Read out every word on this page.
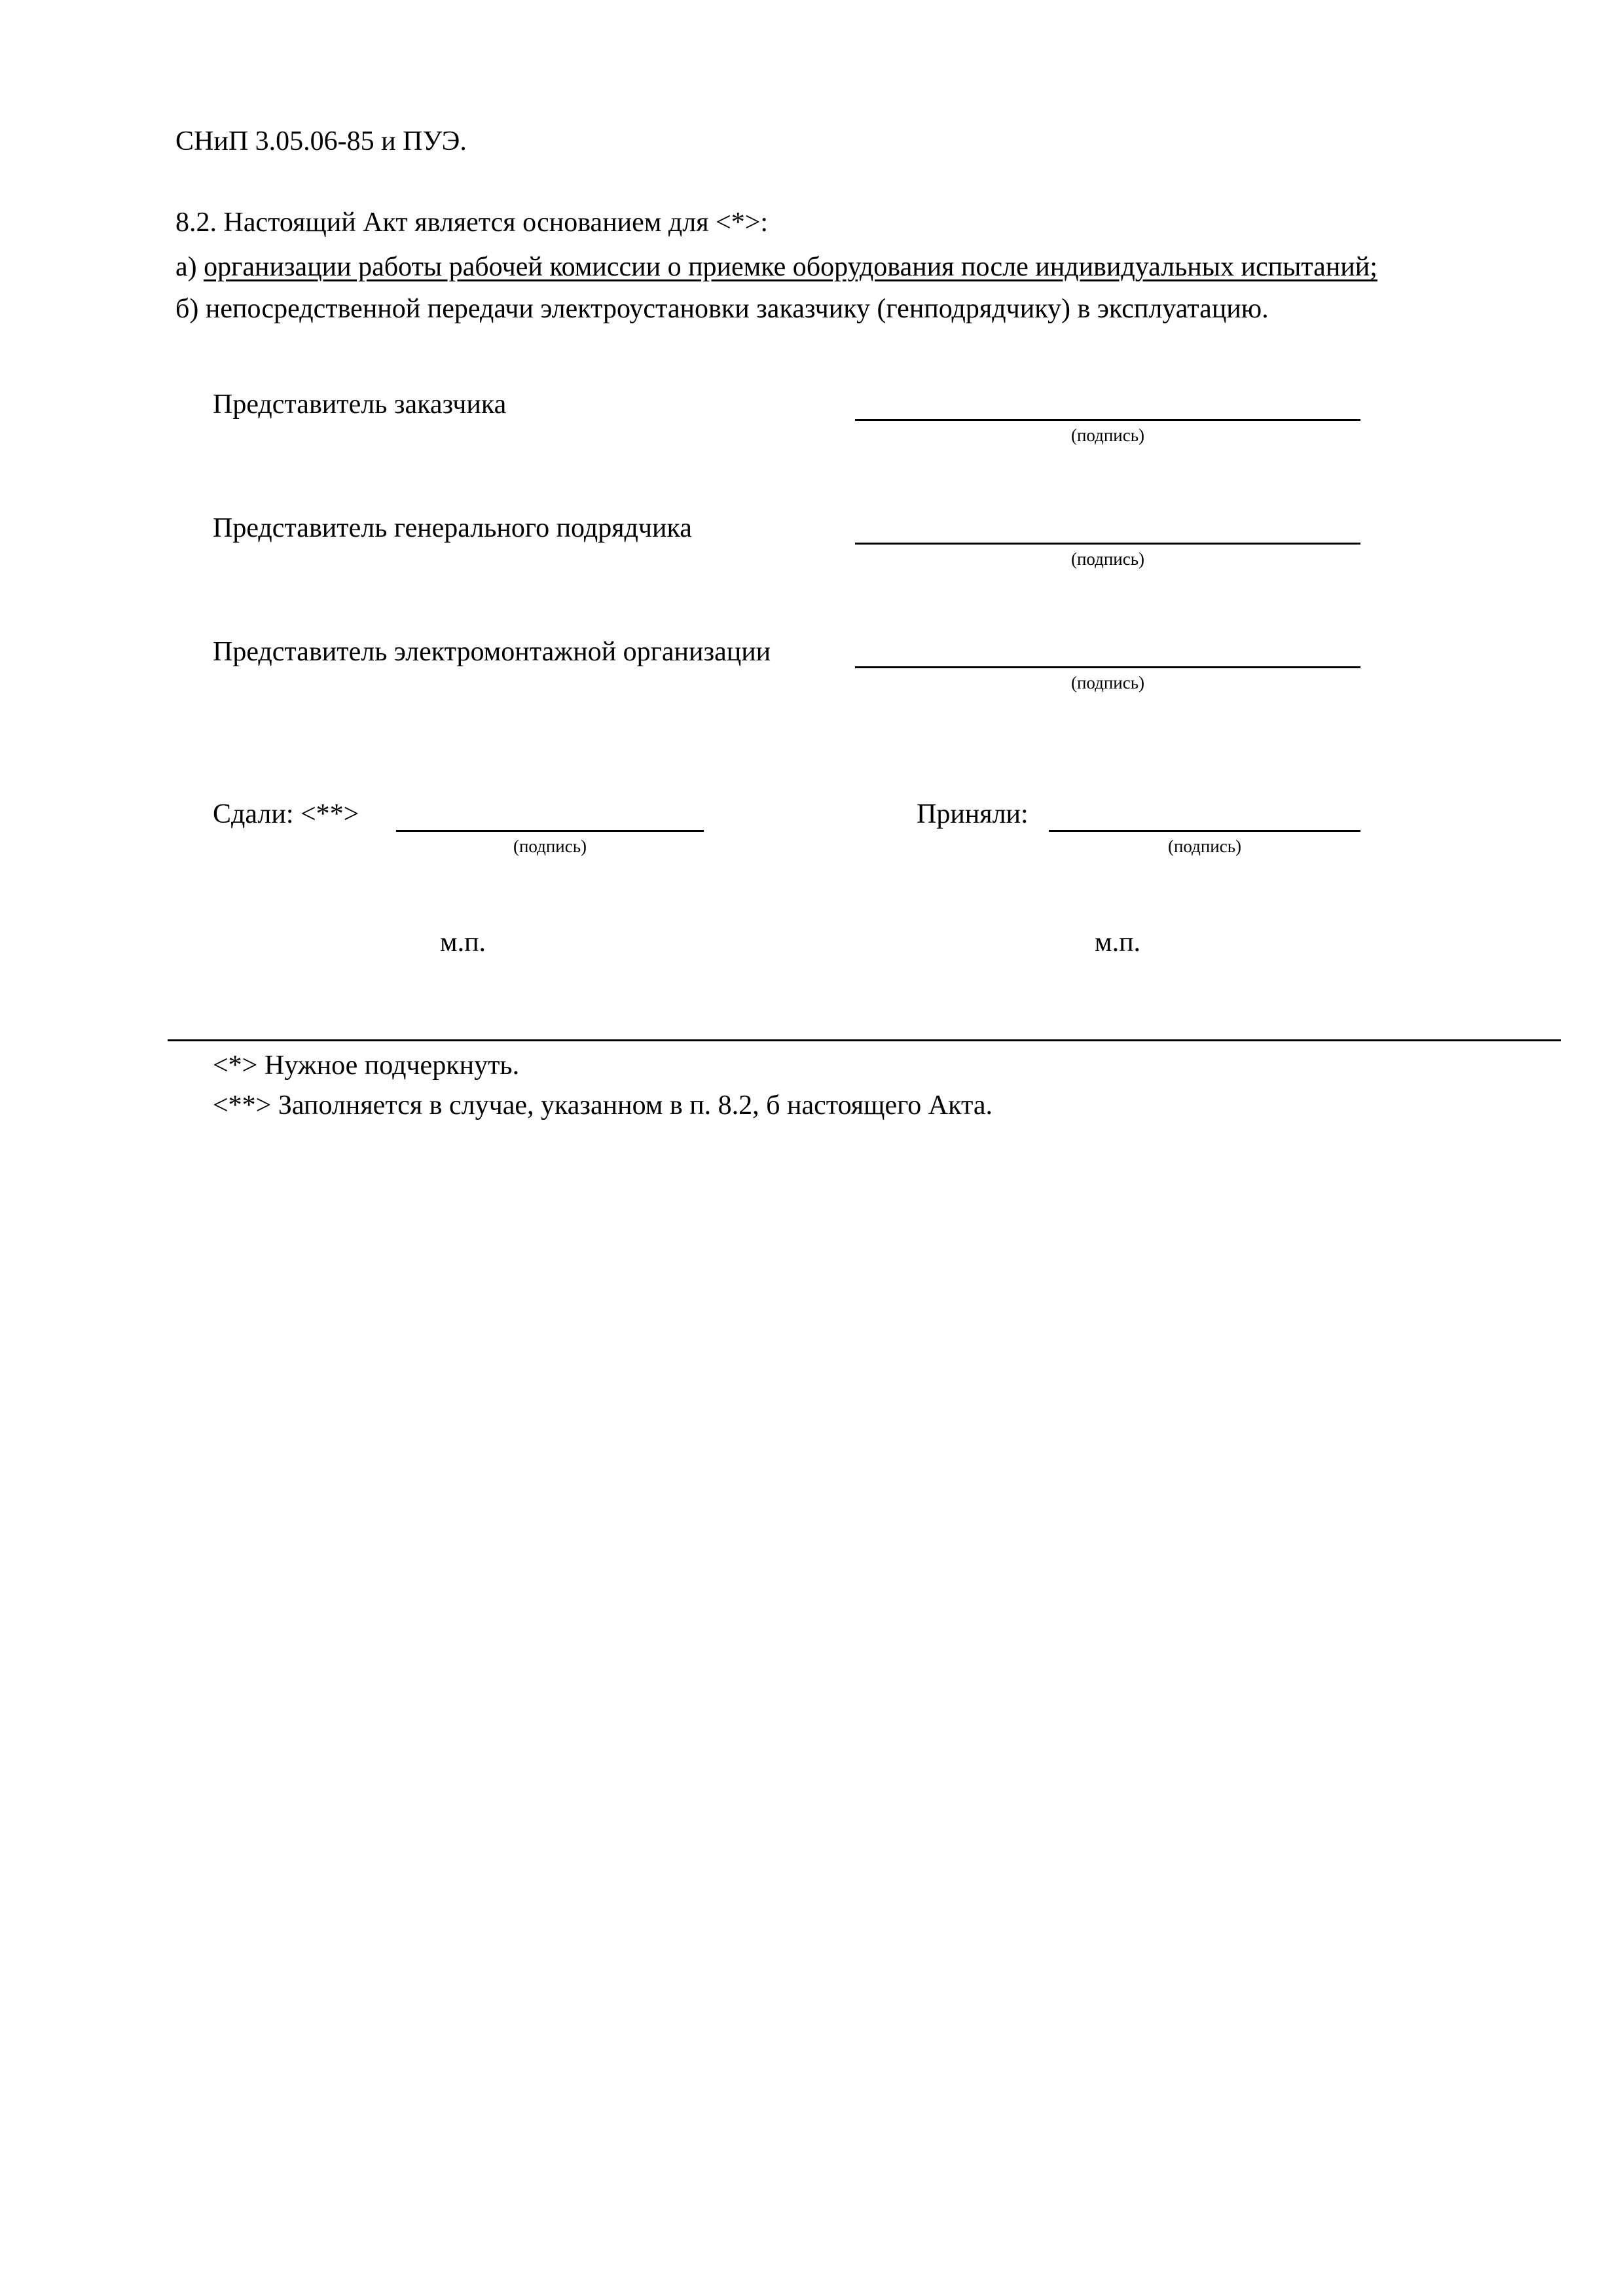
СНиП 3.05.06-85 и ПУЭ.

8.2. Настоящий Акт является основанием для <*>:

а) организации работы рабочей комиссии о приемке оборудования после индивидуальных испытаний;

б) непосредственной передачи электроустановки заказчику (генподрядчику) в эксплуатацию.

Представитель заказчика

(подпись)

Представитель генерального подрядчика

(подпись)

Представитель электромонтажной организации

(подпись)

Сдали: <**>

(подпись)

Приняли:

(подпись)

м.п.	м.п.

<*> Нужное подчеркнуть.

<**> Заполняется в случае, указанном в п. 8.2, б настоящего Акта.
